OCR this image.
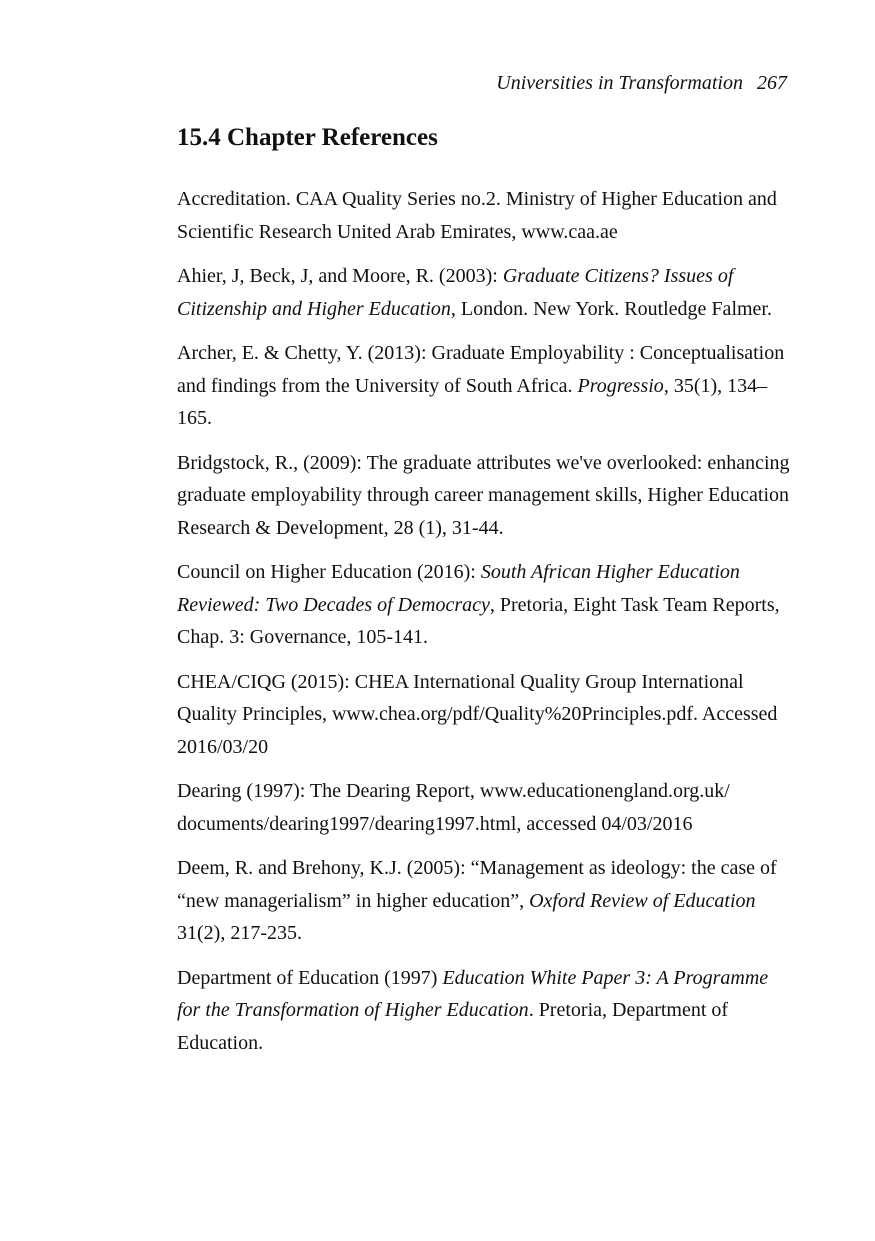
Universities in Transformation 267
15.4 Chapter References
Accreditation. CAA Quality Series no.2. Ministry of Higher Education and Scientific Research United Arab Emirates, www.caa.ae
Ahier, J, Beck, J, and Moore, R. (2003): Graduate Citizens? Issues of Citizenship and Higher Education, London. New York. Routledge Falmer.
Archer, E. & Chetty, Y. (2013): Graduate Employability : Conceptualisation and findings from the University of South Africa. Progressio, 35(1), 134–165.
Bridgstock, R., (2009): The graduate attributes we've overlooked: enhancing graduate employability through career management skills, Higher Education Research & Development, 28 (1), 31-44.
Council on Higher Education (2016): South African Higher Education Reviewed: Two Decades of Democracy, Pretoria, Eight Task Team Reports, Chap. 3: Governance, 105-141.
CHEA/CIQG (2015): CHEA International Quality Group International Quality Principles, www.chea.org/pdf/Quality%20Principles.pdf. Accessed 2016/03/20
Dearing (1997): The Dearing Report, www.educationengland.org.uk/ documents/dearing1997/dearing1997.html, accessed 04/03/2016
Deem, R. and Brehony, K.J. (2005): “Management as ideology: the case of “new managerialism” in higher education”, Oxford Review of Education 31(2), 217-235.
Department of Education (1997) Education White Paper 3: A Programme for the Transformation of Higher Education. Pretoria, Department of Education.
